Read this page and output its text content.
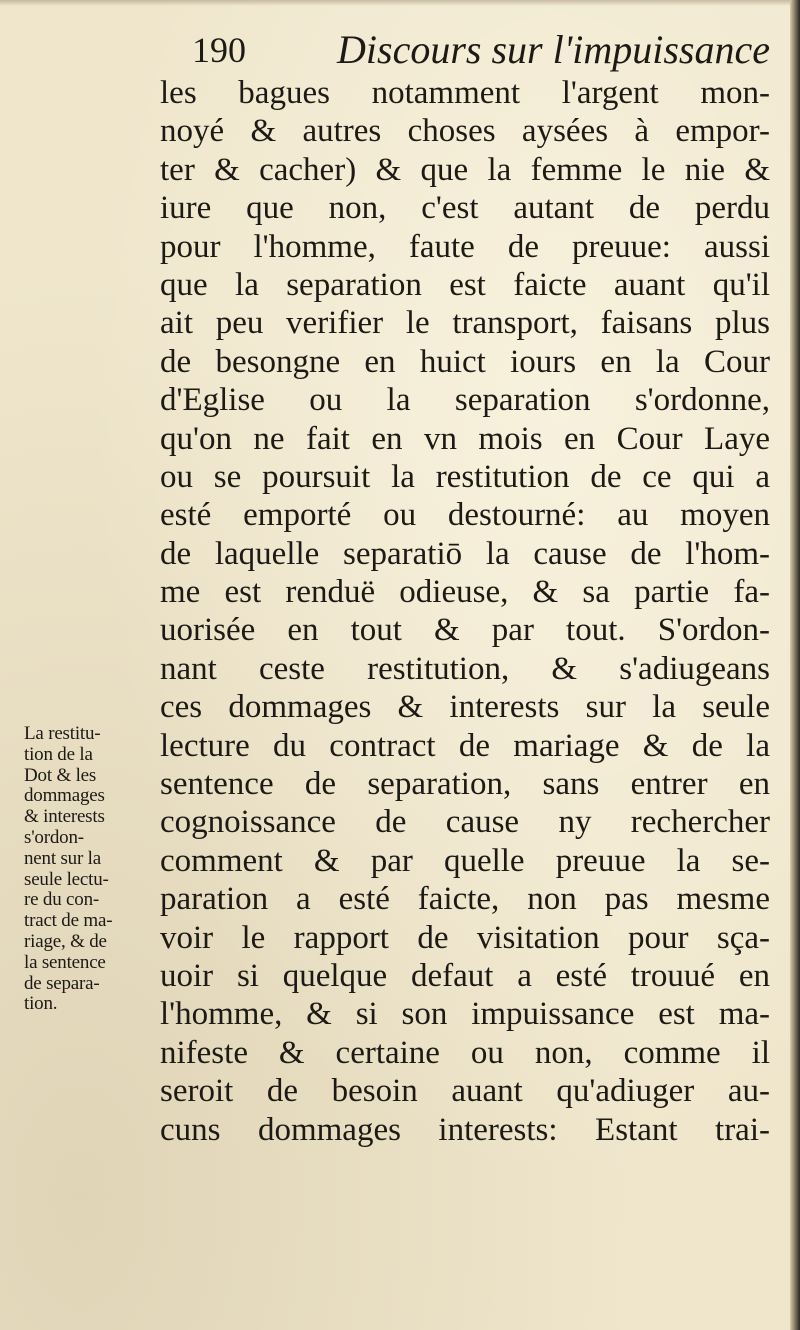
190 Discours sur l'impuissance
les bagues notamment l'argent mon-
noyé & autres choses aysées à empor-
ter & cacher) & que la femme le nie &
iure que non, c'est autant de perdu
pour l'homme, faute de preuue: aussi
que la separation est faicte auant qu'il
ait peu verifier le transport, faisans plus
de besongne en huict iours en la Cour
d'Eglise ou la separation s'ordonne,
qu'on ne fait en vn mois en Cour Laye
ou se poursuit la restitution de ce qui a
esté emporté ou destourné: au moyen
de laquelle separatiō la cause de l'hom-
me est renduë odieuse, & sa partie fa-
uorisée en tout & par tout. S'ordon-
nant ceste restitution, & s'adiugeans
ces dommages & interests sur la seule
lecture du contract de mariage & de la
sentence de separation, sans entrer en
cognoissance de cause ny rechercher
comment & par quelle preuue la se-
paration a esté faicte, non pas mesme
voir le rapport de visitation pour sça-
uoir si quelque defaut a esté trouué en
l'homme, & si son impuissance est ma-
nifeste & certaine ou non, comme il
seroit de besoin auant qu'adiuger au-
cuns dommages interests: Estant trai-
La restitu-
tion de la
Dot & les
dommages
& interests
s'ordon-
nent sur la
seule lectu-
re du con-
tract de ma-
riage, & de
la sentence
de separa-
tion.
